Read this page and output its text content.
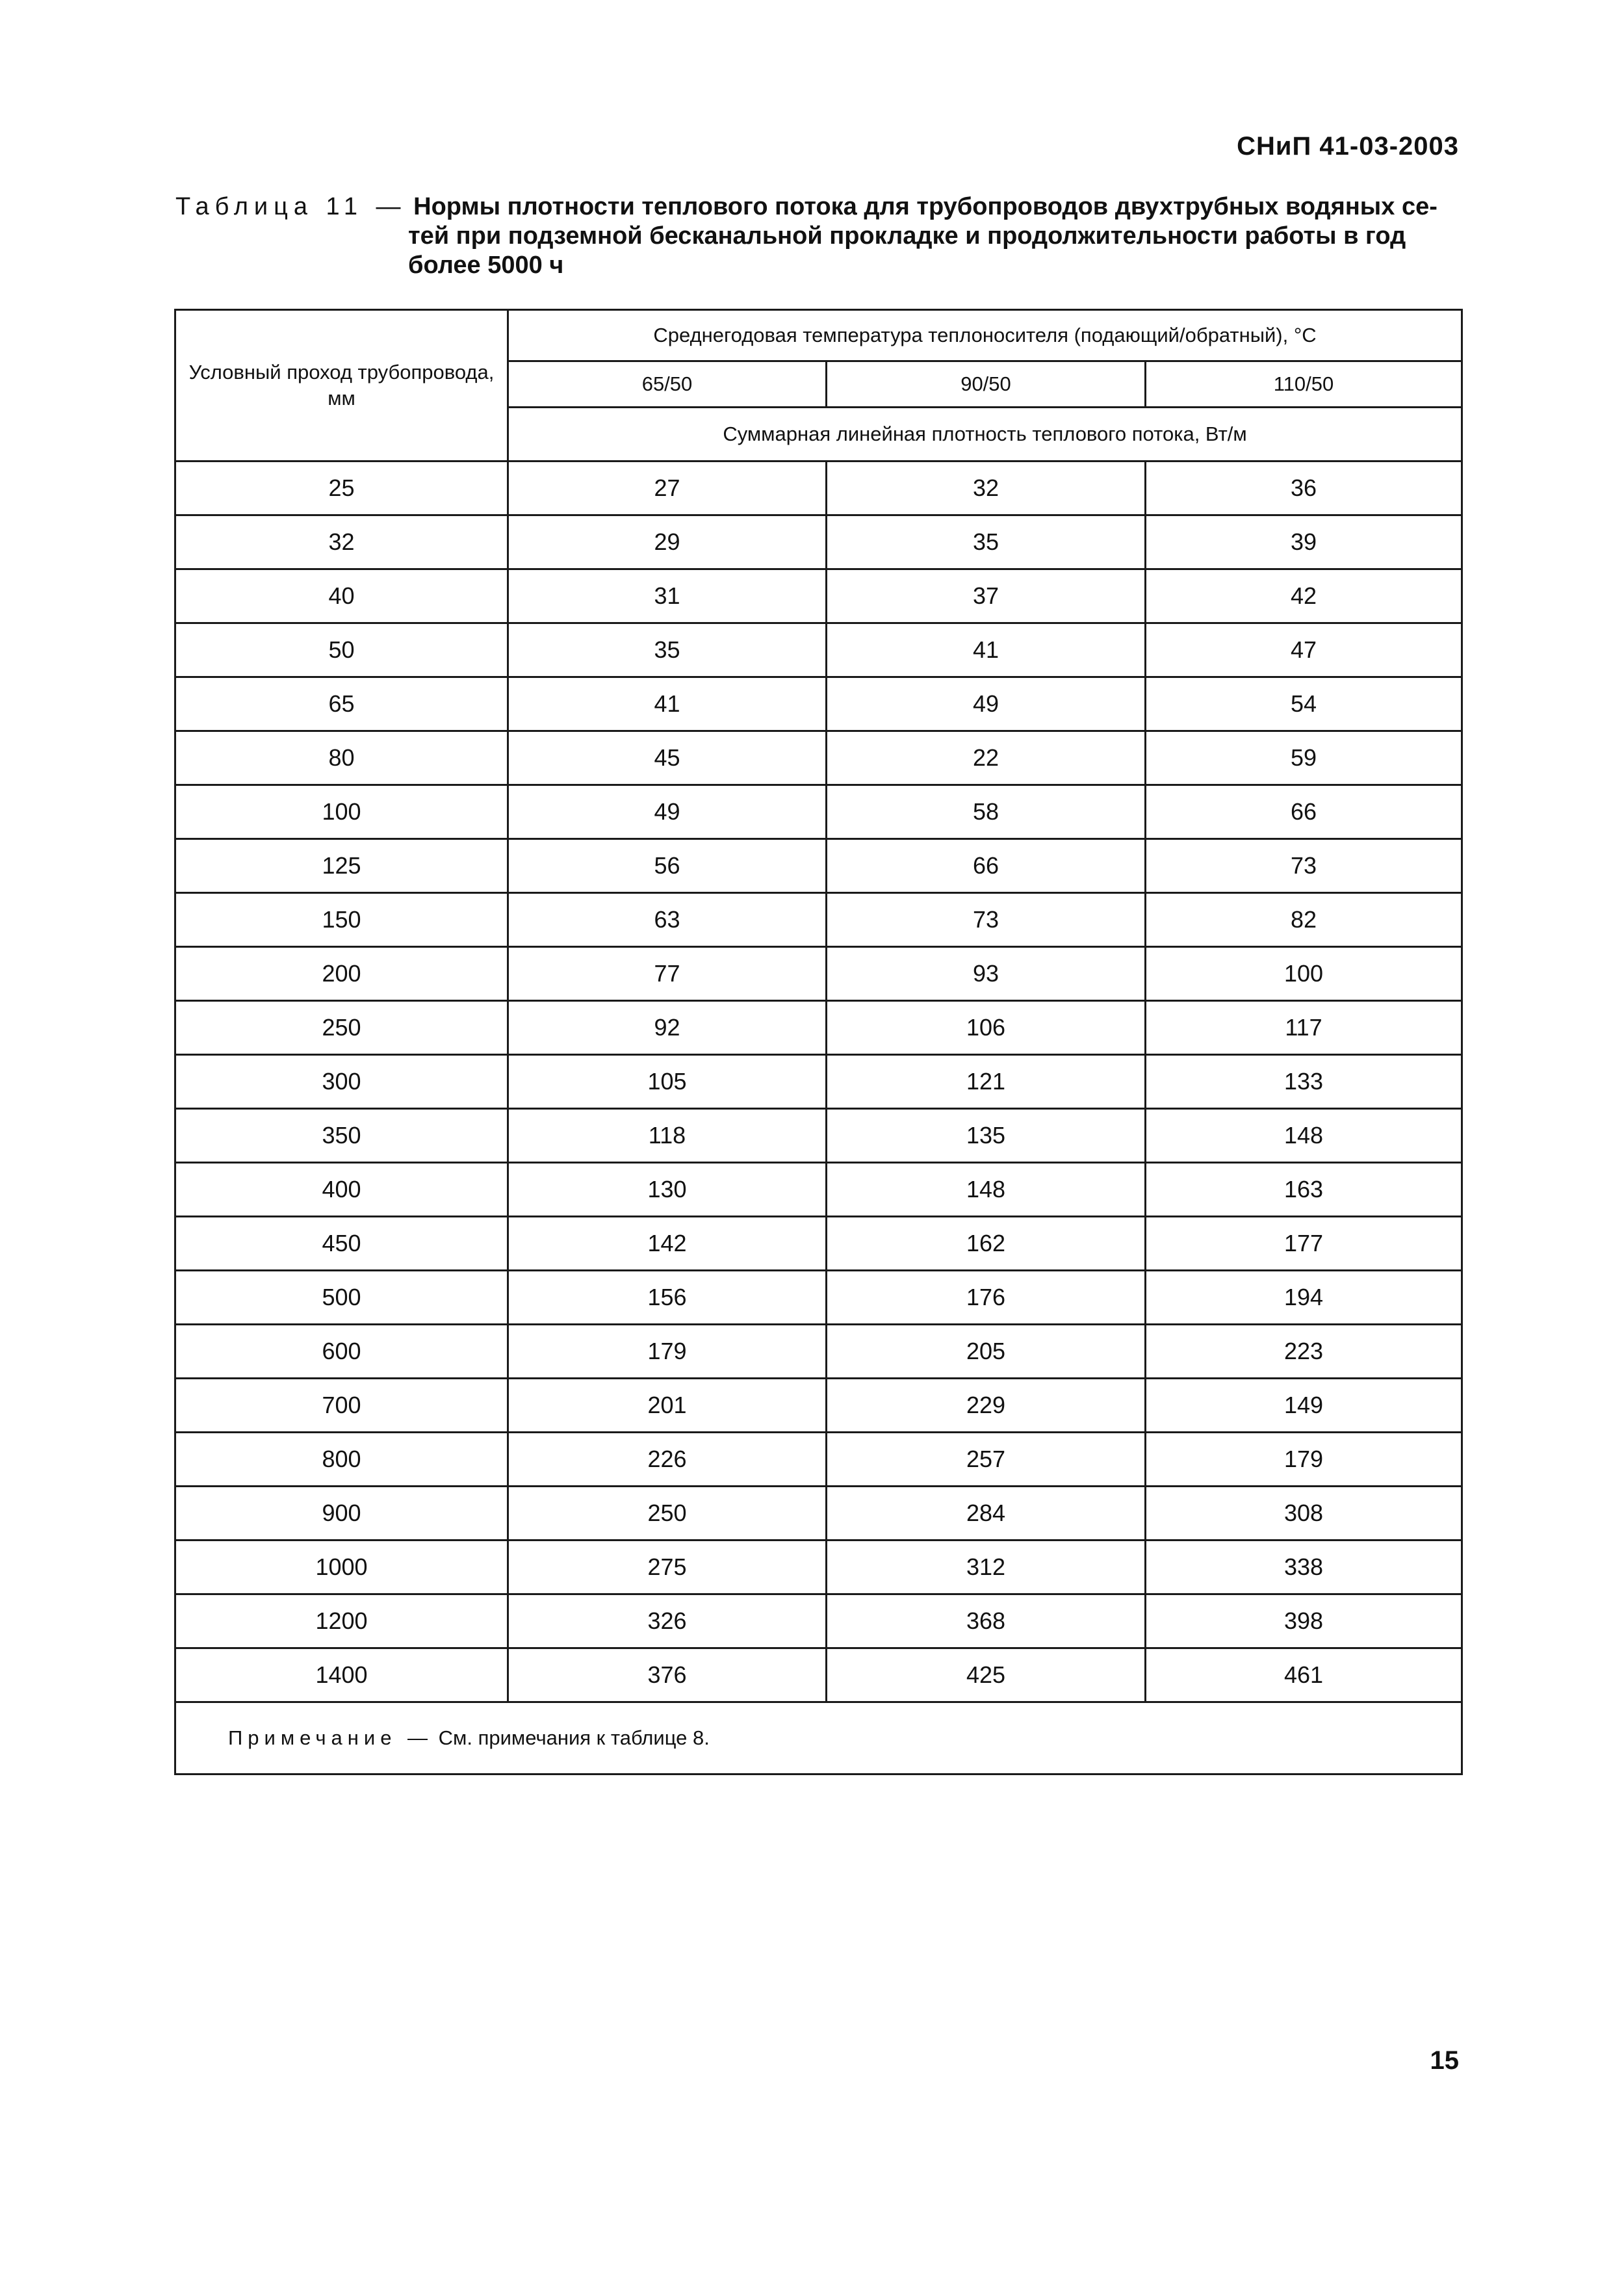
СНиП 41-03-2003
Таблица 11 — Нормы плотности теплового потока для трубопроводов двухтрубных водяных се-
тей при подземной бесканальной прокладке и продолжительности работы в год
более 5000 ч
Условный проход трубопровода, мм	Среднегодовая температура теплоносителя (подающий/обратный), °С		
	65/50	90/50	110/50
	Суммарная линейная плотность теплового потока, Вт/м		
25	27	32	36
32	29	35	39
40	31	37	42
50	35	41	47
65	41	49	54
80	45	22	59
100	49	58	66
125	56	66	73
150	63	73	82
200	77	93	100
250	92	106	117
300	105	121	133
350	118	135	148
400	130	148	163
450	142	162	177
500	156	176	194
600	179	205	223
700	201	229	149
800	226	257	179
900	250	284	308
1000	275	312	338
1200	326	368	398
1400	376	425	461
Примечание — См. примечания к таблице 8.			
15
